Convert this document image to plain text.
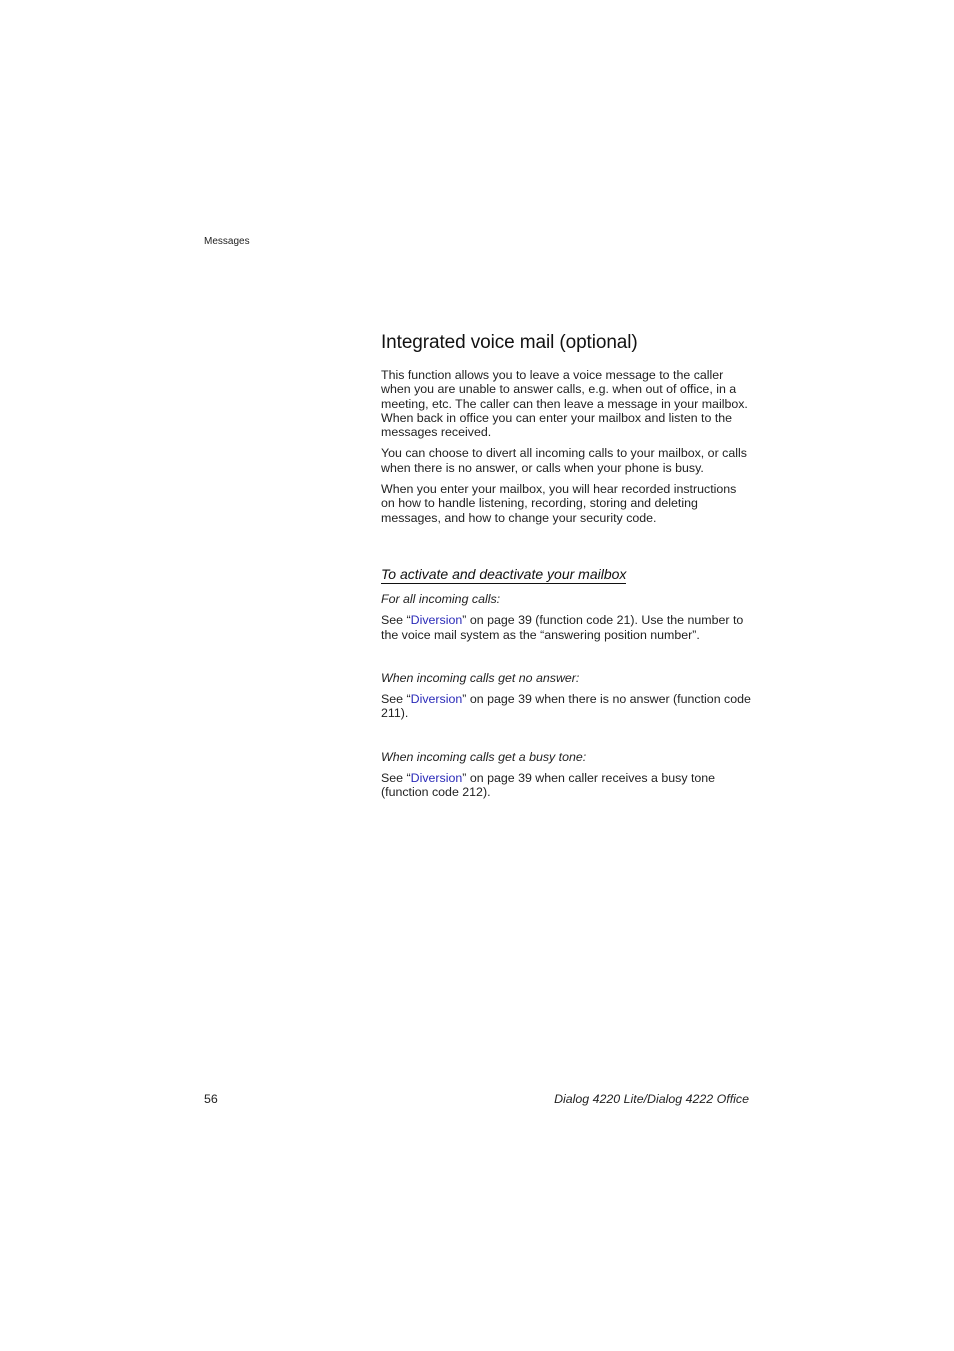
Messages
Integrated voice mail (optional)

This function allows you to leave a voice message to the caller when you are unable to answer calls, e.g. when out of office, in a meeting, etc. The caller can then leave a message in your mailbox. When back in office you can enter your mailbox and listen to the messages received.

You can choose to divert all incoming calls to your mailbox, or calls when there is no answer, or calls when your phone is busy.

When you enter your mailbox, you will hear recorded instructions on how to handle listening, recording, storing and deleting messages, and how to change your security code.

To activate and deactivate your mailbox
For all incoming calls:

See “Diversion” on page 39 (function code 21). Use the number to the voice mail system as the “answering position number”.

When incoming calls get no answer:

See “Diversion” on page 39 when there is no answer (function code 211).

When incoming calls get a busy tone:

See “Diversion” on page 39 when caller receives a busy tone (function code 212).

56	Dialog 4220 Lite/Dialog 4222 Office
